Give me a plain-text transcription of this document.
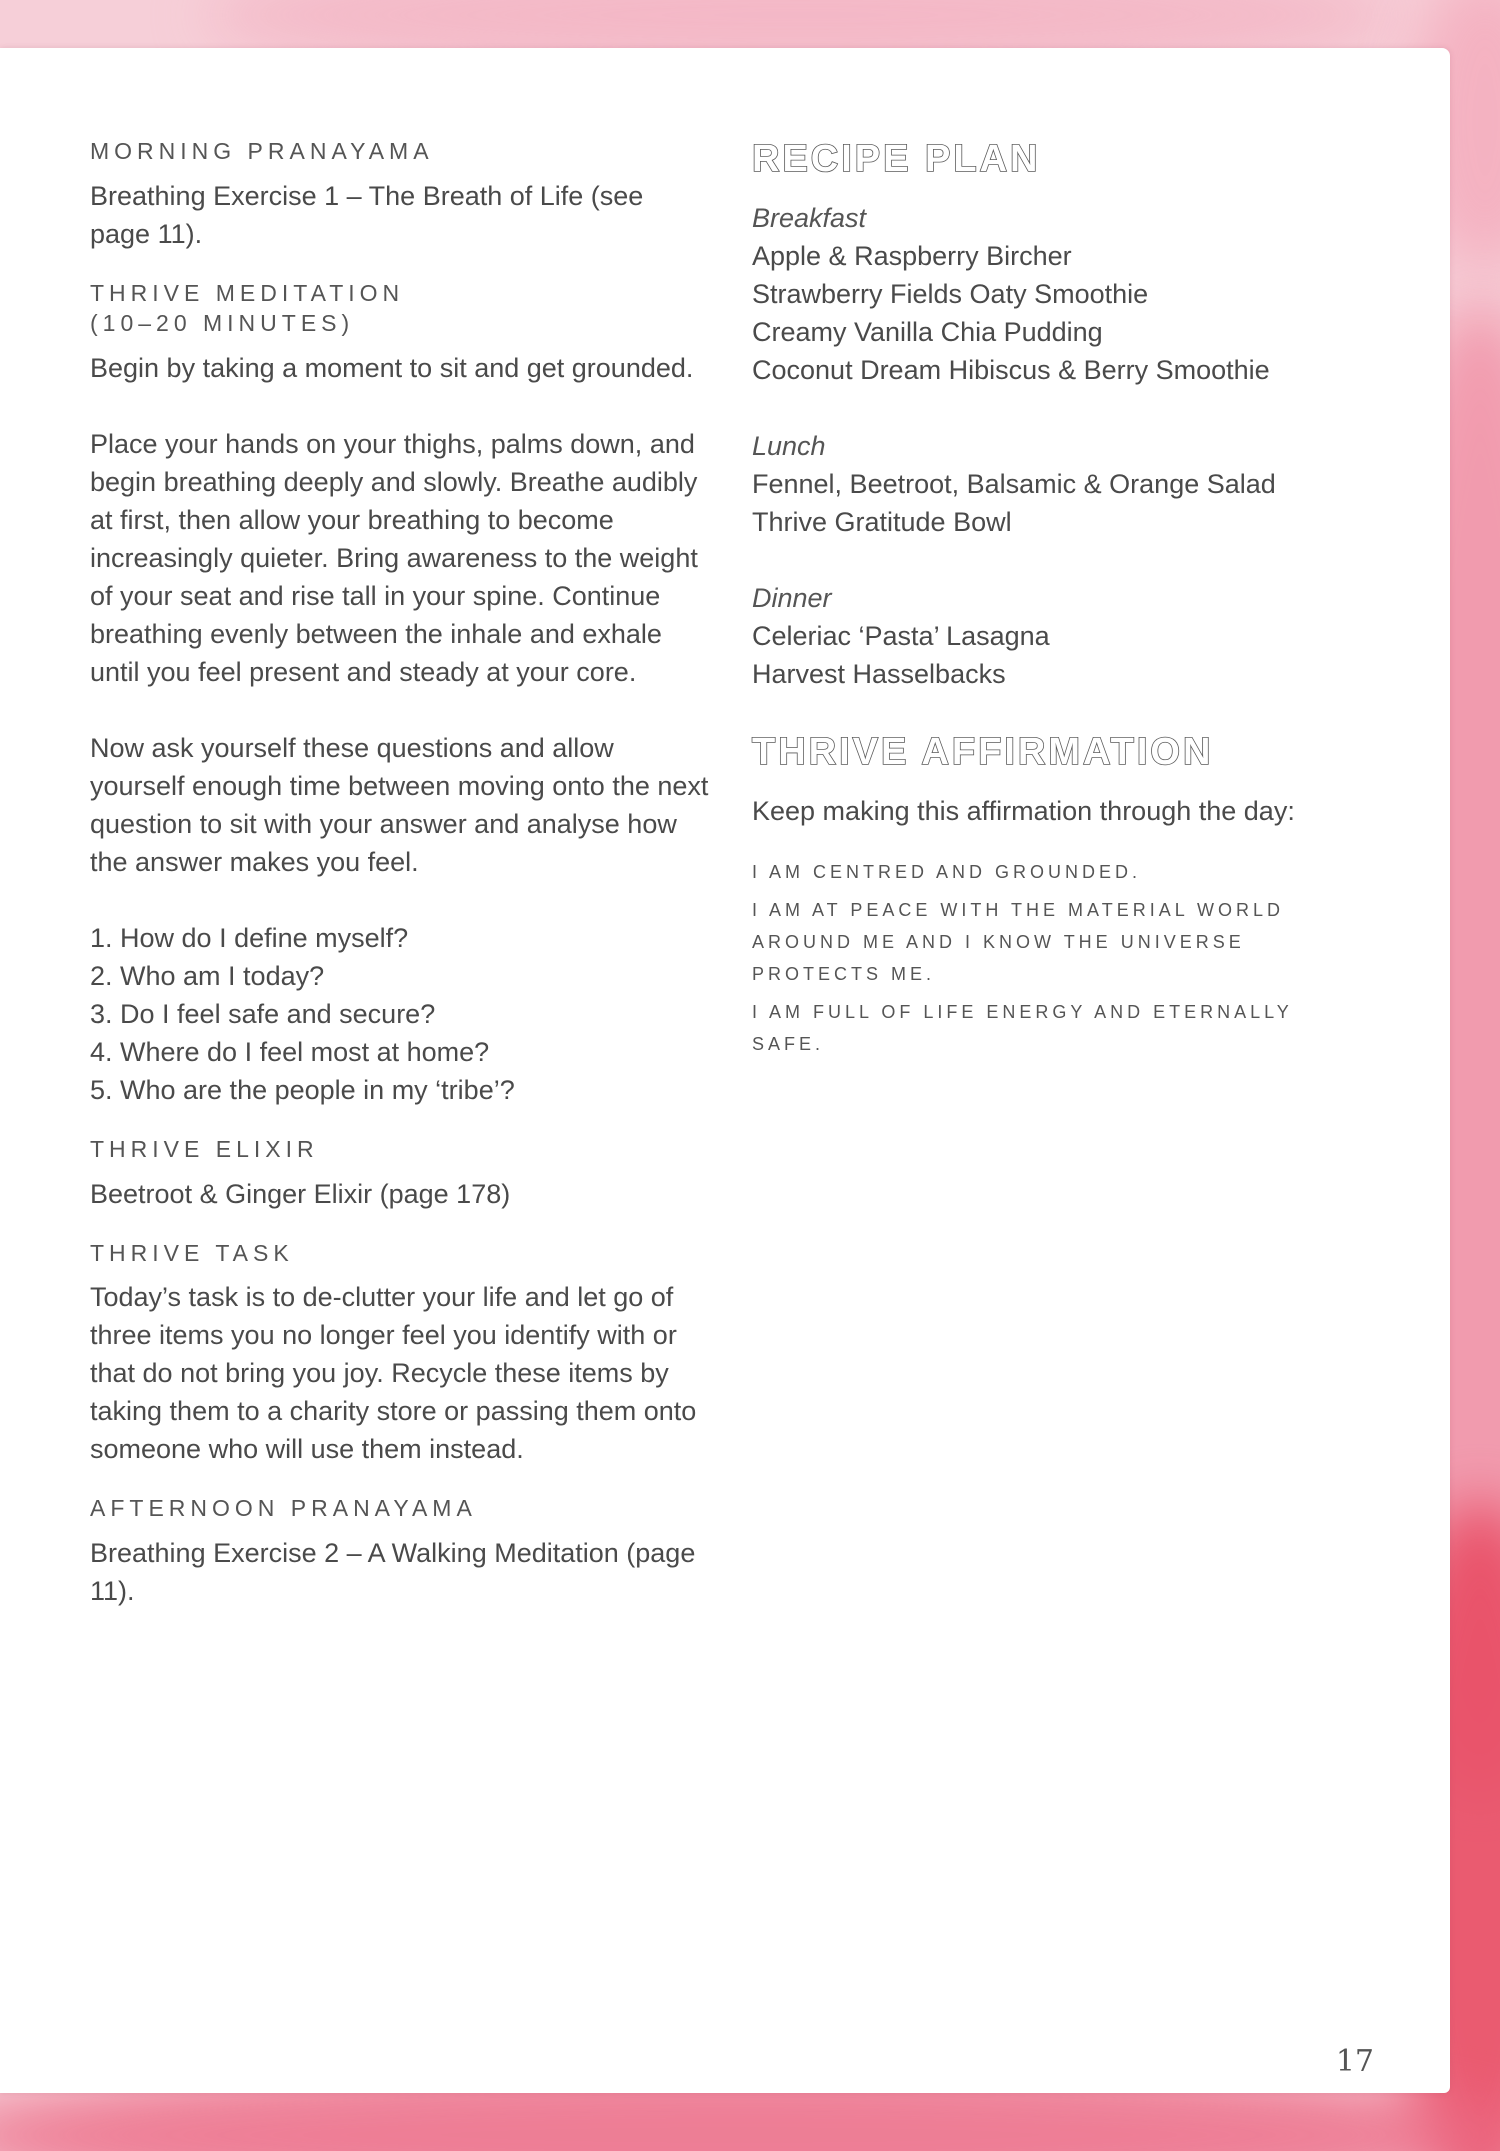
MORNING PRANAYAMA

Breathing Exercise 1 – The Breath of Life (see page 11).

THRIVE MEDITATION
(10–20 MINUTES)

Begin by taking a moment to sit and get grounded.

Place your hands on your thighs, palms down, and begin breathing deeply and slowly. Breathe audibly at first, then allow your breathing to become increasingly quieter. Bring awareness to the weight of your seat and rise tall in your spine. Continue breathing evenly between the inhale and exhale until you feel present and steady at your core.

Now ask yourself these questions and allow yourself enough time between moving onto the next question to sit with your answer and analyse how the answer makes you feel.

1. How do I define myself?
2. Who am I today?
3. Do I feel safe and secure?
4. Where do I feel most at home?
5. Who are the people in my ‘tribe’?
THRIVE ELIXIR

Beetroot & Ginger Elixir (page 178)

THRIVE TASK

Today’s task is to de-clutter your life and let go of three items you no longer feel you identify with or that do not bring you joy. Recycle these items by taking them to a charity store or passing them onto someone who will use them instead.

AFTERNOON PRANAYAMA

Breathing Exercise 2 – A Walking Meditation (page 11).

RECIPE PLAN
Breakfast
Apple & Raspberry Bircher
Strawberry Fields Oaty Smoothie
Creamy Vanilla Chia Pudding
Coconut Dream Hibiscus & Berry Smoothie
Lunch
Fennel, Beetroot, Balsamic & Orange Salad
Thrive Gratitude Bowl
Dinner
Celeriac ‘Pasta’ Lasagna
Harvest Hasselbacks
THRIVE AFFIRMATION

Keep making this affirmation through the day:

I AM CENTRED AND GROUNDED.

I AM AT PEACE WITH THE MATERIAL WORLD AROUND ME AND I KNOW THE UNIVERSE PROTECTS ME.

I AM FULL OF LIFE ENERGY AND ETERNALLY SAFE.

17
